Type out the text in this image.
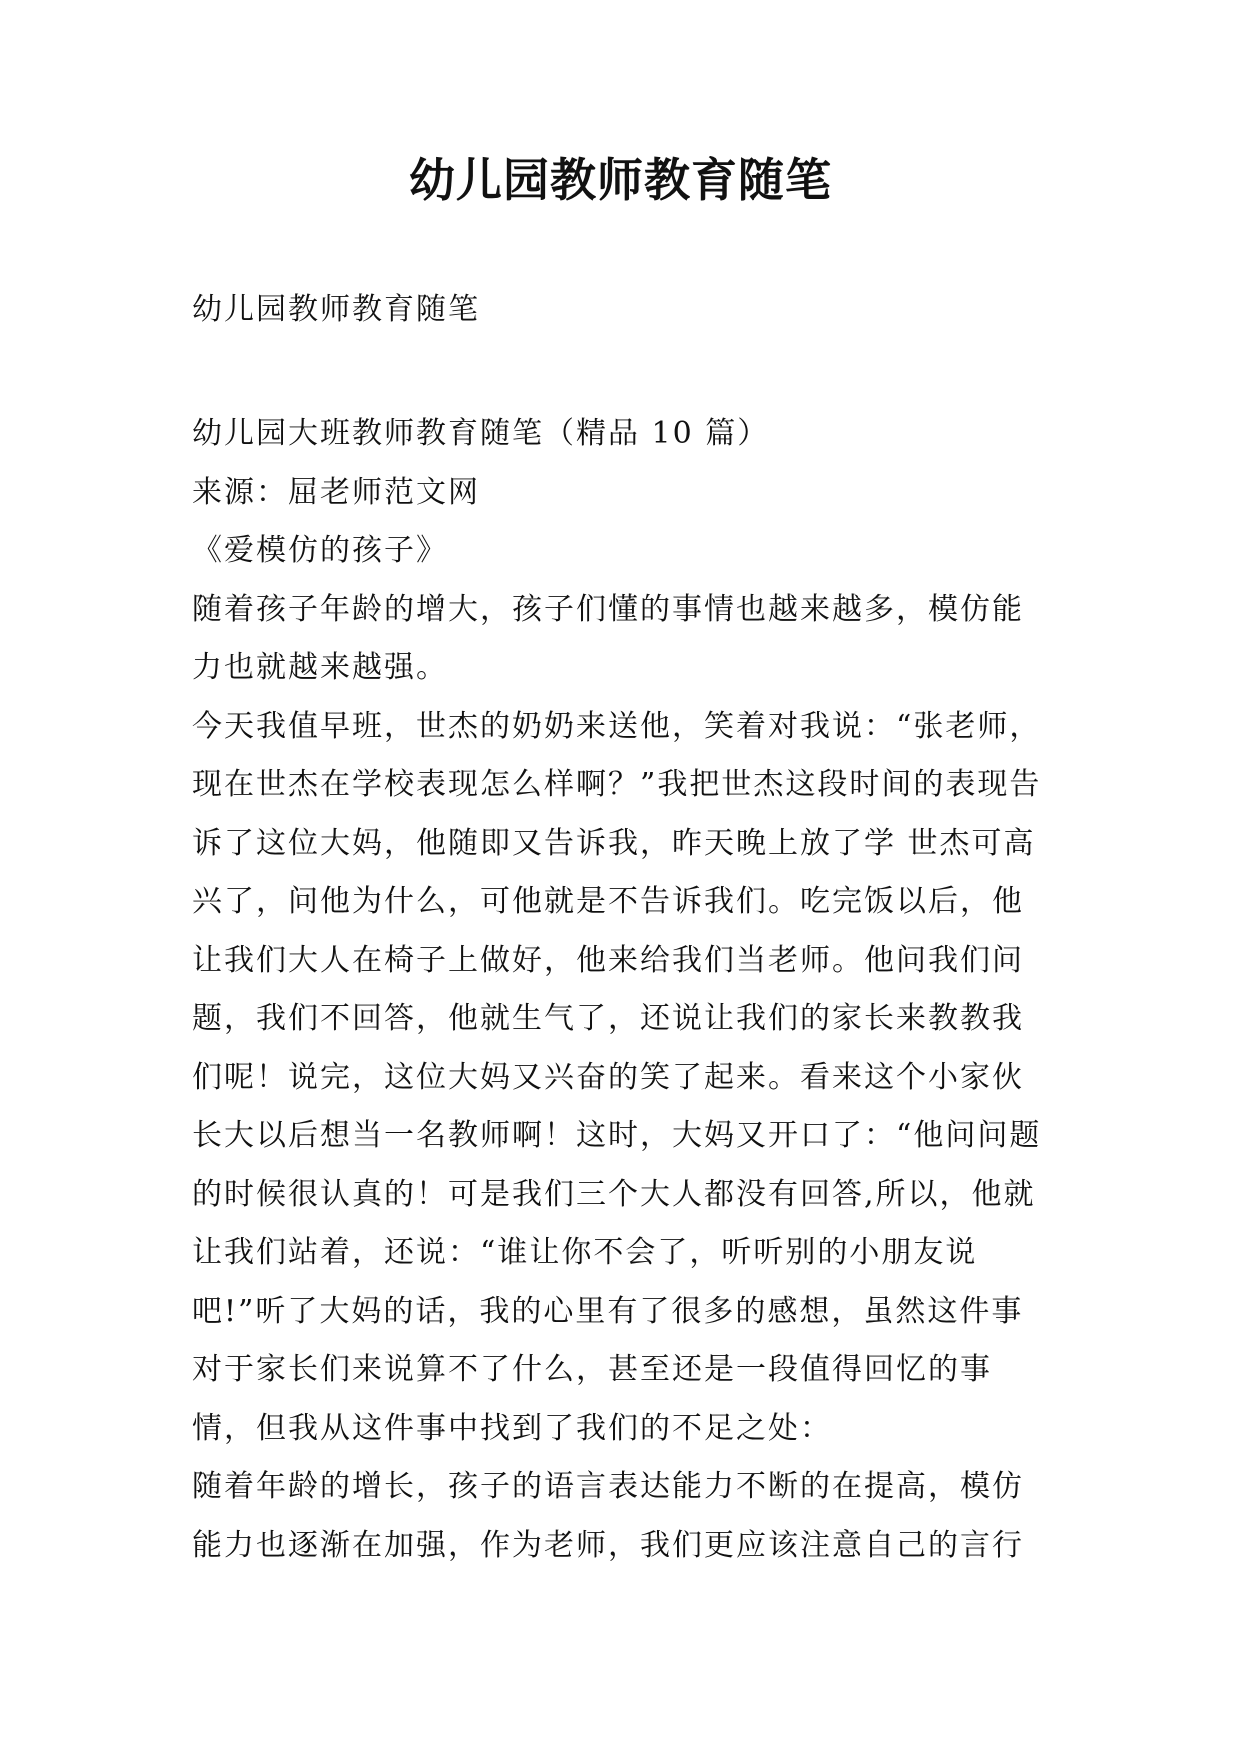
幼儿园教师教育随笔

幼儿园教师教育随笔

幼儿园大班教师教育随笔（精品 10 篇）

来源：屈老师范文网

《爱模仿的孩子》

随着孩子年龄的增大，孩子们懂的事情也越来越多，模仿能力也就越来越强。

今天我值早班，世杰的奶奶来送他，笑着对我说：“张老师，现在世杰在学校表现怎么样啊？”我把世杰这段时间的表现告诉了这位大妈，他随即又告诉我，昨天晚上放了学 世杰可高兴了，问他为什么，可他就是不告诉我们。吃完饭以后，他让我们大人在椅子上做好，他来给我们当老师。他问我们问题，我们不回答，他就生气了，还说让我们的家长来教教我们呢！说完，这位大妈又兴奋的笑了起来。看来这个小家伙长大以后想当一名教师啊！这时，大妈又开口了：“他问问题的时候很认真的！可是我们三个大人都没有回答,所以，他就让我们站着，还说：“谁让你不会了，听听别的小朋友说吧!”听了大妈的话，我的心里有了很多的感想，虽然这件事对于家长们来说算不了什么，甚至还是一段值得回忆的事情，但我从这件事中找到了我们的不足之处：

随着年龄的增长，孩子的语言表达能力不断的在提高，模仿能力也逐渐在加强，作为老师，我们更应该注意自己的言行
